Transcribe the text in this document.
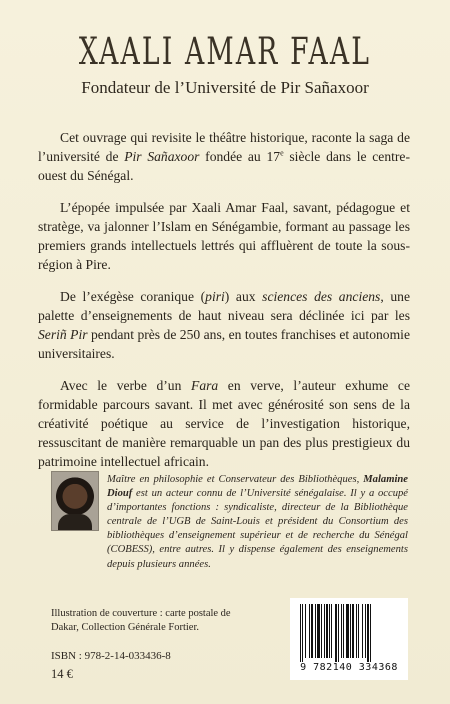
XAALI AMAR FAAL
Fondateur de l’Université de Pir Sañaxoor

Cet ouvrage qui revisite le théâtre historique, raconte la saga de l’université de Pir Sañaxoor fondée au 17e siècle dans le centre-ouest du Sénégal.

L’épopée impulsée par Xaali Amar Faal, savant, pédagogue et stratège, va jalonner l’Islam en Sénégambie, formant au passage les premiers grands intellectuels lettrés qui affluèrent de toute la sous-région à Pire.

De l’exégèse coranique (piri) aux sciences des anciens, une palette d’enseignements de haut niveau sera déclinée ici par les Seriñ Pir pendant près de 250 ans, en toutes franchises et autonomie universitaires.

Avec le verbe d’un Fara en verve, l’auteur exhume ce formidable parcours savant. Il met avec générosité son sens de la créativité poétique au service de l’investigation historique, ressuscitant de manière remarquable un pan des plus prestigieux du patrimoine intellectuel africain.

Maître en philosophie et Conservateur des Bibliothèques, Malamine Diouf est un acteur connu de l’Université sénégalaise. Il y a occupé d’importantes fonctions : syndicaliste, directeur de la Bibliothèque centrale de l’UGB de Saint-Louis et président du Consortium des bibliothèques d’enseignement supérieur et de recherche du Sénégal (COBESS), entre autres. Il y dispense également des enseignements depuis plusieurs années.
Illustration de couverture : carte postale de Dakar, Collection Générale Fortier.
ISBN : 978-2-14-033436-8
14 €	9 782140 334368
